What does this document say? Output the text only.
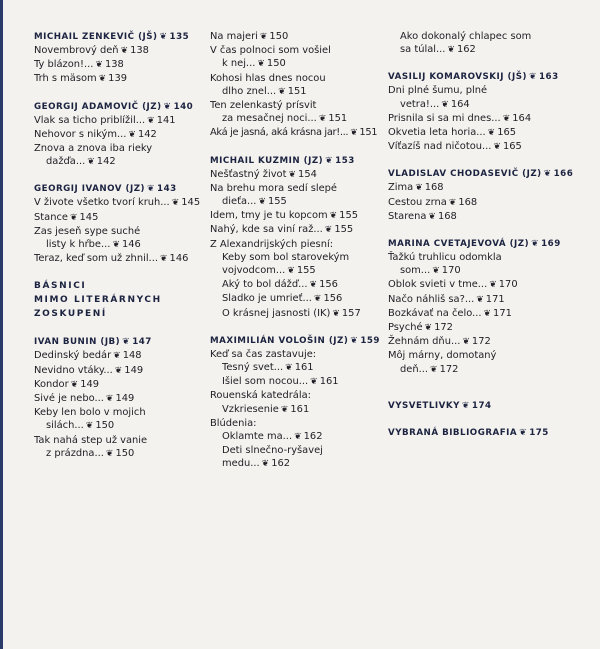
MICHAIL ZENKEVIČ (JŠ) ❦ 135
Novembrový deň ❦ 138
Ty blázon!... ❦ 138
Trh s mäsom ❦ 139
GEORGIJ ADAMOVIČ (JZ) ❦ 140
Vlak sa ticho priblížil... ❦ 141
Nehovor s nikým... ❦ 142
Znova a znova iba rieky
dažďa... ❦ 142
GEORGIJ IVANOV (JZ) ❦ 143
V živote všetko tvorí kruh... ❦ 145
Stance ❦ 145
Zas jeseň sype suché
listy k hŕbe... ❦ 146
Teraz, keď som už zhnil... ❦ 146
BÁSNICI
MIMO LITERÁRNYCH
ZOSKUPENÍ
IVAN BUNIN (JB) ❦ 147
Dedinský bedár ❦ 148
Nevidno vtáky... ❦ 149
Kondor ❦ 149
Sivé je nebo... ❦ 149
Keby len bolo v mojich
silách... ❦ 150
Tak nahá step už vanie
z prázdna... ❦ 150
Na majeri ❦ 150
V čas polnoci som vošiel
k nej... ❦ 150
Kohosi hlas dnes nocou
dlho znel... ❦ 151
Ten zelenkastý prísvit
za mesačnej noci... ❦ 151
Aká je jasná, aká krásna jar!... ❦ 151
MICHAIL KUZMIN (JZ) ❦ 153
Nešťastný život ❦ 154
Na brehu mora sedí slepé
dieťa... ❦ 155
Idem, tmy je tu kopcom ❦ 155
Nahý, kde sa viní raž... ❦ 155
Z Alexandrijských piesní:
Keby som bol starovekým
vojvodcom... ❦ 155
Aký to bol dážď... ❦ 156
Sladko je umrieť... ❦ 156
O krásnej jasnosti (IK) ❦ 157
MAXIMILIÁN VOLOŠIN (JZ) ❦ 159
Keď sa čas zastavuje:
Tesný svet... ❦ 161
Išiel som nocou... ❦ 161
Rouenská katedrála:
Vzkriesenie ❦ 161
Blúdenia:
Oklamte ma... ❦ 162
Deti slnečno-ryšavej
medu... ❦ 162
Ako dokonalý chlapec som
sa túlal... ❦ 162
VASILIJ KOMAROVSKIJ (JŠ) ❦ 163
Dni plné šumu, plné
vetra!... ❦ 164
Prisnila si sa mi dnes... ❦ 164
Okvetia leta horia... ❦ 165
Víťazíš nad ničotou... ❦ 165
VLADISLAV CHODASEVIČ (JZ) ❦ 166
Zima ❦ 168
Cestou zrna ❦ 168
Starena ❦ 168
MARINA CVETAJEVOVÁ (JZ) ❦ 169
Ťažkú truhlicu odomkla
som... ❦ 170
Oblok svieti v tme... ❦ 170
Načo náhliš sa?... ❦ 171
Bozkávať na čelo... ❦ 171
Psyché ❦ 172
Žehnám dňu... ❦ 172
Môj márny, domotaný
deň... ❦ 172
VYSVETLIVKY ❦ 174
VYBRANÁ BIBLIOGRAFIA ❦ 175
